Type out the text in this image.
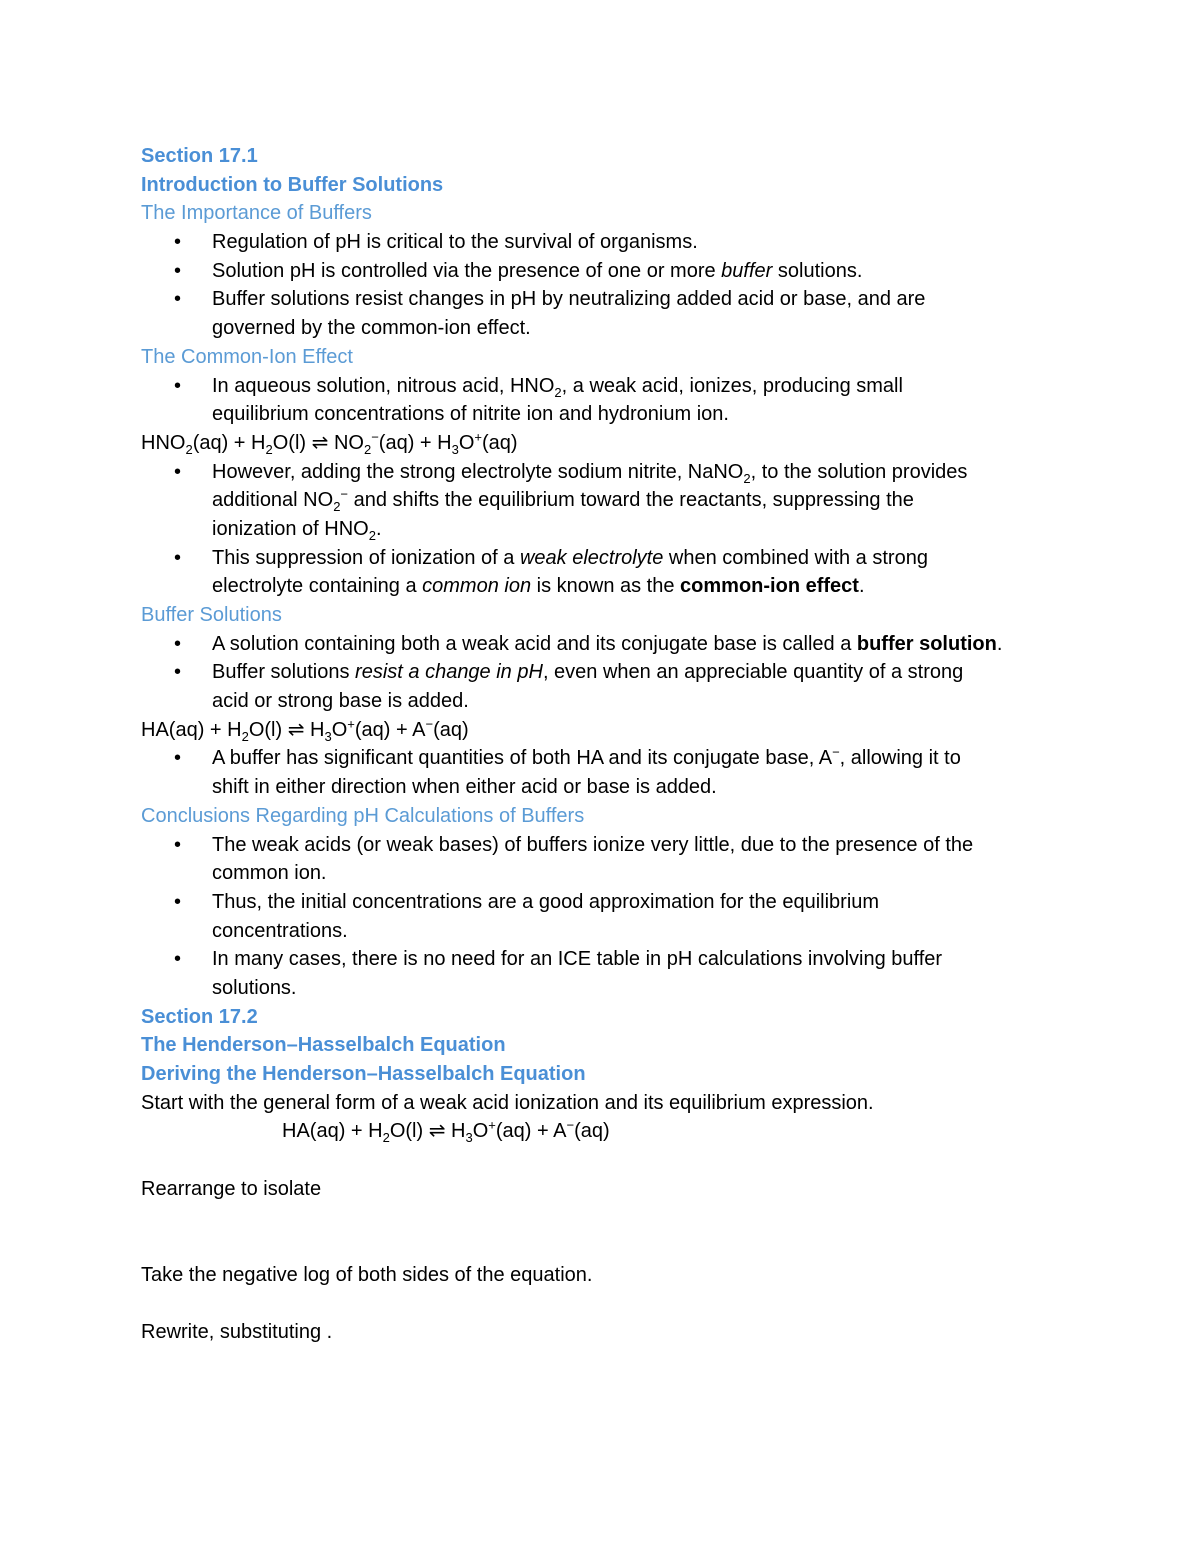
Section 17.1
Introduction to Buffer Solutions
The Importance of Buffers
• Regulation of pH is critical to the survival of organisms.
• Solution pH is controlled via the presence of one or more buffer solutions.
• Buffer solutions resist changes in pH by neutralizing added acid or base, and are
governed by the common-ion effect.
The Common-Ion Effect
• In aqueous solution, nitrous acid, $HNO_2$, a weak acid, ionizes, producing small
equilibrium concentrations of nitrite ion and hydronium ion.
$HNO_2(aq) + H_2O(l)$ ⇌ $NO_2^-(aq) + H_3O^+(aq)$
• However, adding the strong electrolyte sodium nitrite, NaNO$_2$, to the solution provides
additional $NO_2^-$ and shifts the equilibrium toward the reactants, suppressing the
ionization of $HNO_2$.
• This suppression of ionization of a weak electrolyte when combined with a strong
electrolyte containing a common ion is known as the common-ion effect.
Buffer Solutions
• A solution containing both a weak acid and its conjugate base is called a buffer solution.
• Buffer solutions resist a change in pH, even when an appreciable quantity of a strong
acid or strong base is added.
$HA(aq) + H_2O(l)$ ⇌ $H_3O^+(aq) + A^-(aq)$
• A buffer has significant quantities of both HA and its conjugate base, A−, allowing it to
shift in either direction when either acid or base is added.
Conclusions Regarding pH Calculations of Buffers
• The weak acids (or weak bases) of buffers ionize very little, due to the presence of the
common ion.
• Thus, the initial concentrations are a good approximation for the equilibrium
concentrations.
• In many cases, there is no need for an ICE table in pH calculations involving buffer
solutions.
Section 17.2
The Henderson–Hasselbalch Equation
Deriving the Henderson–Hasselbalch Equation
Start with the general form of a weak acid ionization and its equilibrium expression.
$HA(aq) + H_2O(l)$ ⇌ $H_3O^+(aq) + A^-(aq)$
Rearrange to isolate
Take the negative log of both sides of the equation.
Rewrite, substituting .
